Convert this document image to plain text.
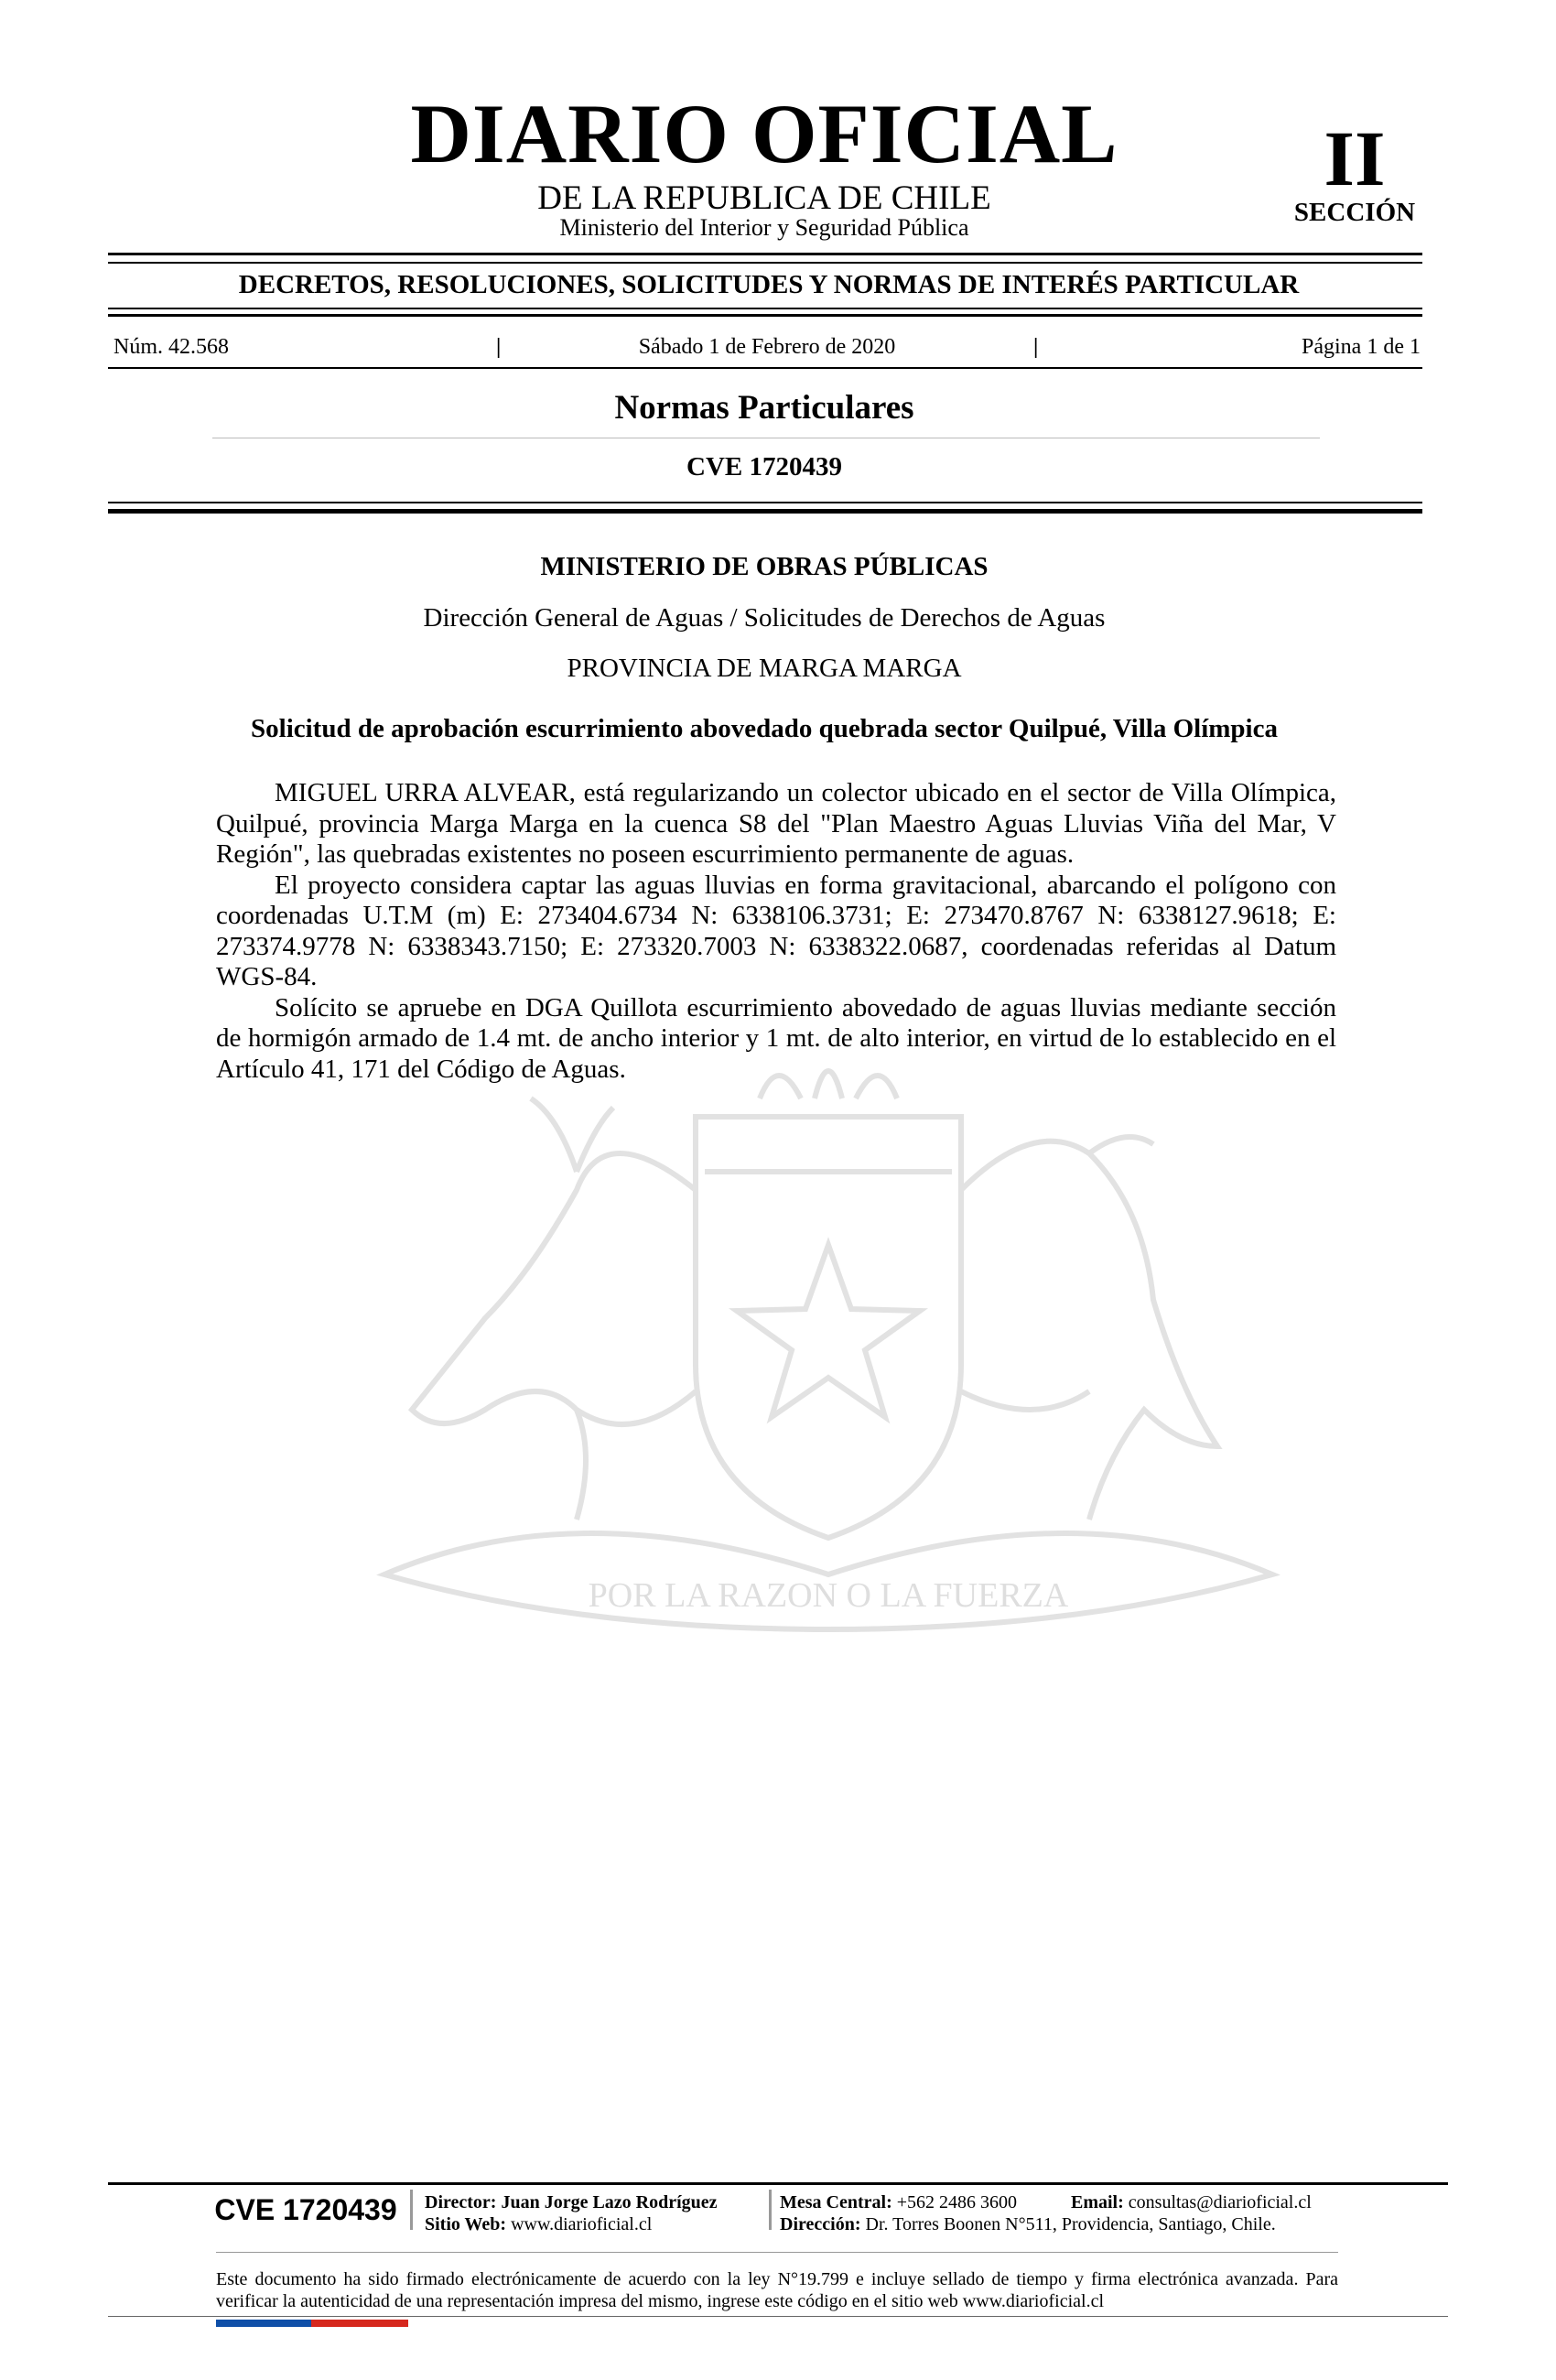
POR LA RAZON O LA FUERZA
DIARIO OFICIAL
DE LA REPUBLICA DE CHILE
Ministerio del Interior y Seguridad Pública
II
SECCIÓN
DECRETOS, RESOLUCIONES, SOLICITUDES Y NORMAS DE INTERÉS PARTICULAR
Núm. 42.568	|	Sábado 1 de Febrero de 2020	|	Página 1 de 1
Normas Particulares
CVE 1720439
MINISTERIO DE OBRAS PÚBLICAS
Dirección General de Aguas / Solicitudes de Derechos de Aguas
PROVINCIA DE MARGA MARGA
Solicitud de aprobación escurrimiento abovedado quebrada sector Quilpué, Villa Olímpica

MIGUEL URRA ALVEAR, está regularizando un colector ubicado en el sector de Villa Olímpica, Quilpué, provincia Marga Marga en la cuenca S8 del "Plan Maestro Aguas Lluvias Viña del Mar, V Región", las quebradas existentes no poseen escurrimiento permanente de aguas.

El proyecto considera captar las aguas lluvias en forma gravitacional, abarcando el polígono con coordenadas U.T.M (m) E: 273404.6734 N: 6338106.3731; E: 273470.8767 N: 6338127.9618; E: 273374.9778 N: 6338343.7150; E: 273320.7003 N: 6338322.0687, coordenadas referidas al Datum WGS-84.

Solícito se apruebe en DGA Quillota escurrimiento abovedado de aguas lluvias mediante sección de hormigón armado de 1.4 mt. de ancho interior y 1 mt. de alto interior, en virtud de lo establecido en el Artículo 41, 171 del Código de Aguas.

CVE 1720439	Director: Juan Jorge Lazo Rodríguez
Sitio Web: www.diarioficial.cl
Mesa Central: +562 2486 3600	Email: consultas@diarioficial.cl
Dirección: Dr. Torres Boonen N°511, Providencia, Santiago, Chile.
Este documento ha sido firmado electrónicamente de acuerdo con la ley N°19.799 e incluye sellado de tiempo y firma electrónica avanzada. Para verificar la autenticidad de una representación impresa del mismo, ingrese este código en el sitio web www.diarioficial.cl
